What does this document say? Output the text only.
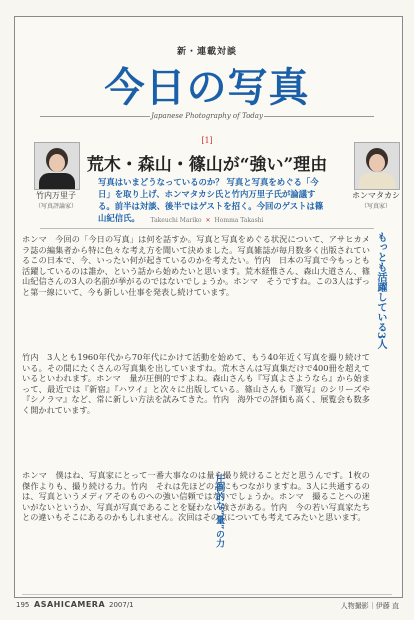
新・連載対談
今日の写真
Japanese Photography of Today
竹内万里子
（写真評論家）
ホンマタカシ
（写真家）
[1]
荒木・森山・篠山が“強い”理由
写真はいまどうなっているのか？ 写真と写真をめぐる「今日」を取り上げ、ホンマタカシ氏と竹内万里子氏が論議する。前半は対談、後半ではゲストを招く。今回のゲストは篠山紀信氏。	Takeuchi Mariko ✕ Homma Takashi
ホンマ　今回の「今日の写真」は何を話すか。写真と写真をめぐる状況について、アサヒカメラ誌の編集者から特に色々な考え方を聞いて決めました。写真雑誌が毎月数多く出版されているこの日本で、今、いったい何が起きているのかを考えたい。竹内　日本の写真で今もっとも活躍しているのは誰か、という話から始めたいと思います。荒木経惟さん、森山大道さん、篠山紀信さんの3人の名前が挙がるのではないでしょうか。ホンマ　そうですね。この3人はずっと第一線にいて、今も新しい仕事を発表し続けています。
竹内　3人とも1960年代から70年代にかけて活動を始めて、もう40年近く写真を撮り続けている。その間にたくさんの写真集を出していますね。荒木さんは写真集だけで400冊を超えているといわれます。ホンマ　量が圧倒的ですよね。森山さんも『写真よさようなら』から始まって、最近では『新宿』『ハワイ』と次々に出版している。篠山さんも『激写』のシリーズや『シノラマ』など、常に新しい方法を試みてきた。竹内　海外での評価も高く、展覧会も数多く開かれています。
ホンマ　僕はね、写真家にとって一番大事なのは量を撮り続けることだと思うんです。1枚の傑作よりも、撮り続ける力。竹内　それは先ほどの話にもつながりますね。3人に共通するのは、写真というメディアそのものへの強い信頼ではないでしょうか。ホンマ　撮ることへの迷いがないというか、写真が写真であることを疑わない強さがある。竹内　今の若い写真家たちとの違いもそこにあるのかもしれません。次回はその点についても考えてみたいと思います。
もっとも活躍している3人
圧倒的な“量”の力
195 ASAHICAMERA 2007/1	人物撮影｜伊藤 直
